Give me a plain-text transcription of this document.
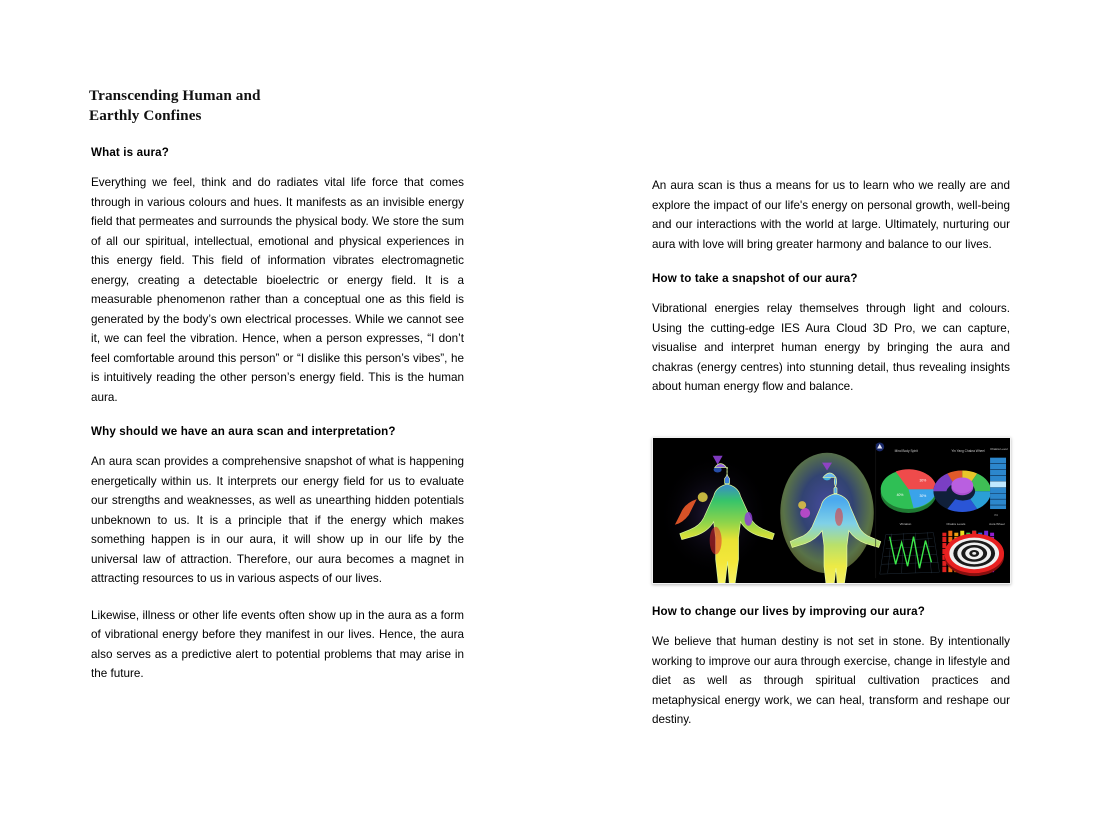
Transcending Human and
Earthly Confines
What is aura?

Everything we feel, think and do radiates vital life force that comes through in various colours and hues. It manifests as an invisible energy field that permeates and surrounds the physical body. We store the sum of all our spiritual, intellectual, emotional and physical experiences in this energy field. This field of information vibrates electromagnetic energy, creating a detectable bioelectric or energy field. It is a measurable phenomenon rather than a conceptual one as this field is generated by the body’s own electrical processes. While we cannot see it, we can feel the vibration. Hence, when a person expresses, “I don’t feel comfortable around this person” or “I dislike this person’s vibes”, he is intuitively reading the other person’s energy field. This is the human aura.

Why should we have an aura scan and interpretation?

An aura scan provides a comprehensive snapshot of what is happening energetically within us. It interprets our energy field for us to evaluate our strengths and weaknesses, as well as unearthing hidden potentials unbeknown to us. It is a principle that if the energy which makes something happen is in our aura, it will show up in our life by the universal law of attraction. Therefore, our aura becomes a magnet in attracting resources to us in various aspects of our lives.

Likewise, illness or other life events often show up in the aura as a form of vibrational energy before they manifest in our lives. Hence, the aura also serves as a predictive alert to potential problems that may arise in the future.

An aura scan is thus a means for us to learn who we really are and explore the impact of our life's energy on personal growth, well-being and our interactions with the world at large. Ultimately, nurturing our aura with love will bring greater harmony and balance to our lives.

How to take a snapshot of our aura?

Vibrational energies relay themselves through light and colours. Using the cutting-edge IES Aura Cloud 3D Pro, we can capture, visualise and interpret human energy by bringing the aura and chakras (energy centres) into stunning detail, thus revealing insights about human energy flow and balance.

30%
30%
40%
Mind Body Spirit	Yin Yang Chakra Wheel Chakra Level
0%
Vibration	Chakra Levels	Aura Wheel
How to change our lives by improving our aura?

We believe that human destiny is not set in stone. By intentionally working to improve our aura through exercise, change in lifestyle and diet as well as through spiritual cultivation practices and metaphysical energy work, we can heal, transform and reshape our destiny.
